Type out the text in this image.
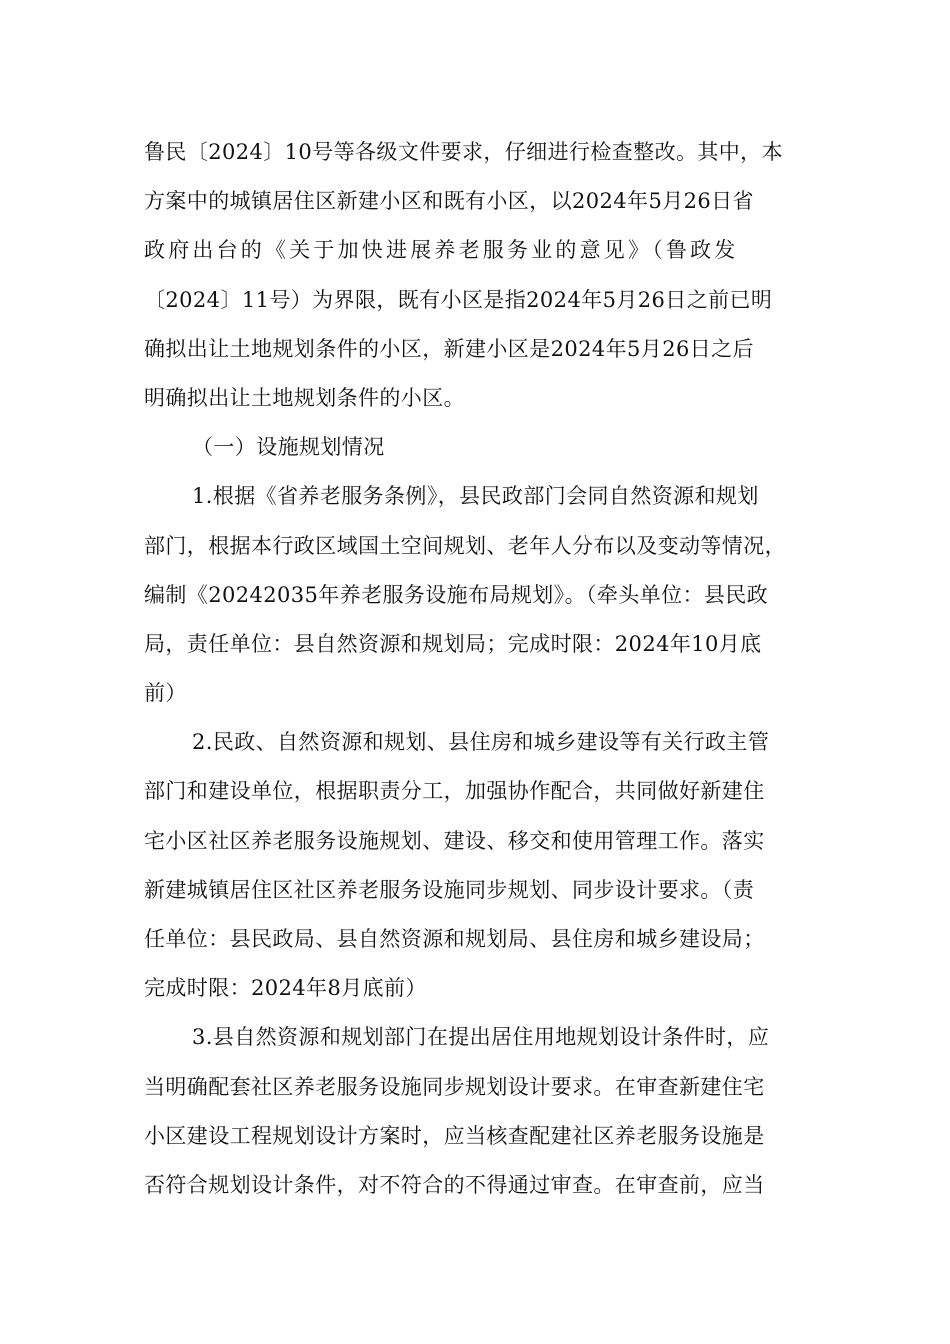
鲁民〔2024〕10号等各级文件要求，仔细进行检查整改。其中，本
方案中的城镇居住区新建小区和既有小区，以2024年5月26日省
政府出台的《关于加快进展养老服务业的意见》（鲁政发
〔2024〕11号）为界限，既有小区是指2024年5月26日之前已明
确拟出让土地规划条件的小区，新建小区是2024年5月26日之后
明确拟出让土地规划条件的小区。
（一）设施规划情况
1.根据《省养老服务条例》，县民政部门会同自然资源和规划
部门，根据本行政区域国土空间规划、老年人分布以及变动等情况，
编制《20242035年养老服务设施布局规划》。（牵头单位：县民政
局，责任单位：县自然资源和规划局；完成时限：2024年10月底
前）
2.民政、自然资源和规划、县住房和城乡建设等有关行政主管
部门和建设单位，根据职责分工，加强协作配合，共同做好新建住
宅小区社区养老服务设施规划、建设、移交和使用管理工作。落实
新建城镇居住区社区养老服务设施同步规划、同步设计要求。（责
任单位：县民政局、县自然资源和规划局、县住房和城乡建设局；
完成时限：2024年8月底前）
3.县自然资源和规划部门在提出居住用地规划设计条件时，应
当明确配套社区养老服务设施同步规划设计要求。在审查新建住宅
小区建设工程规划设计方案时，应当核查配建社区养老服务设施是
否符合规划设计条件，对不符合的不得通过审查。在审查前，应当
